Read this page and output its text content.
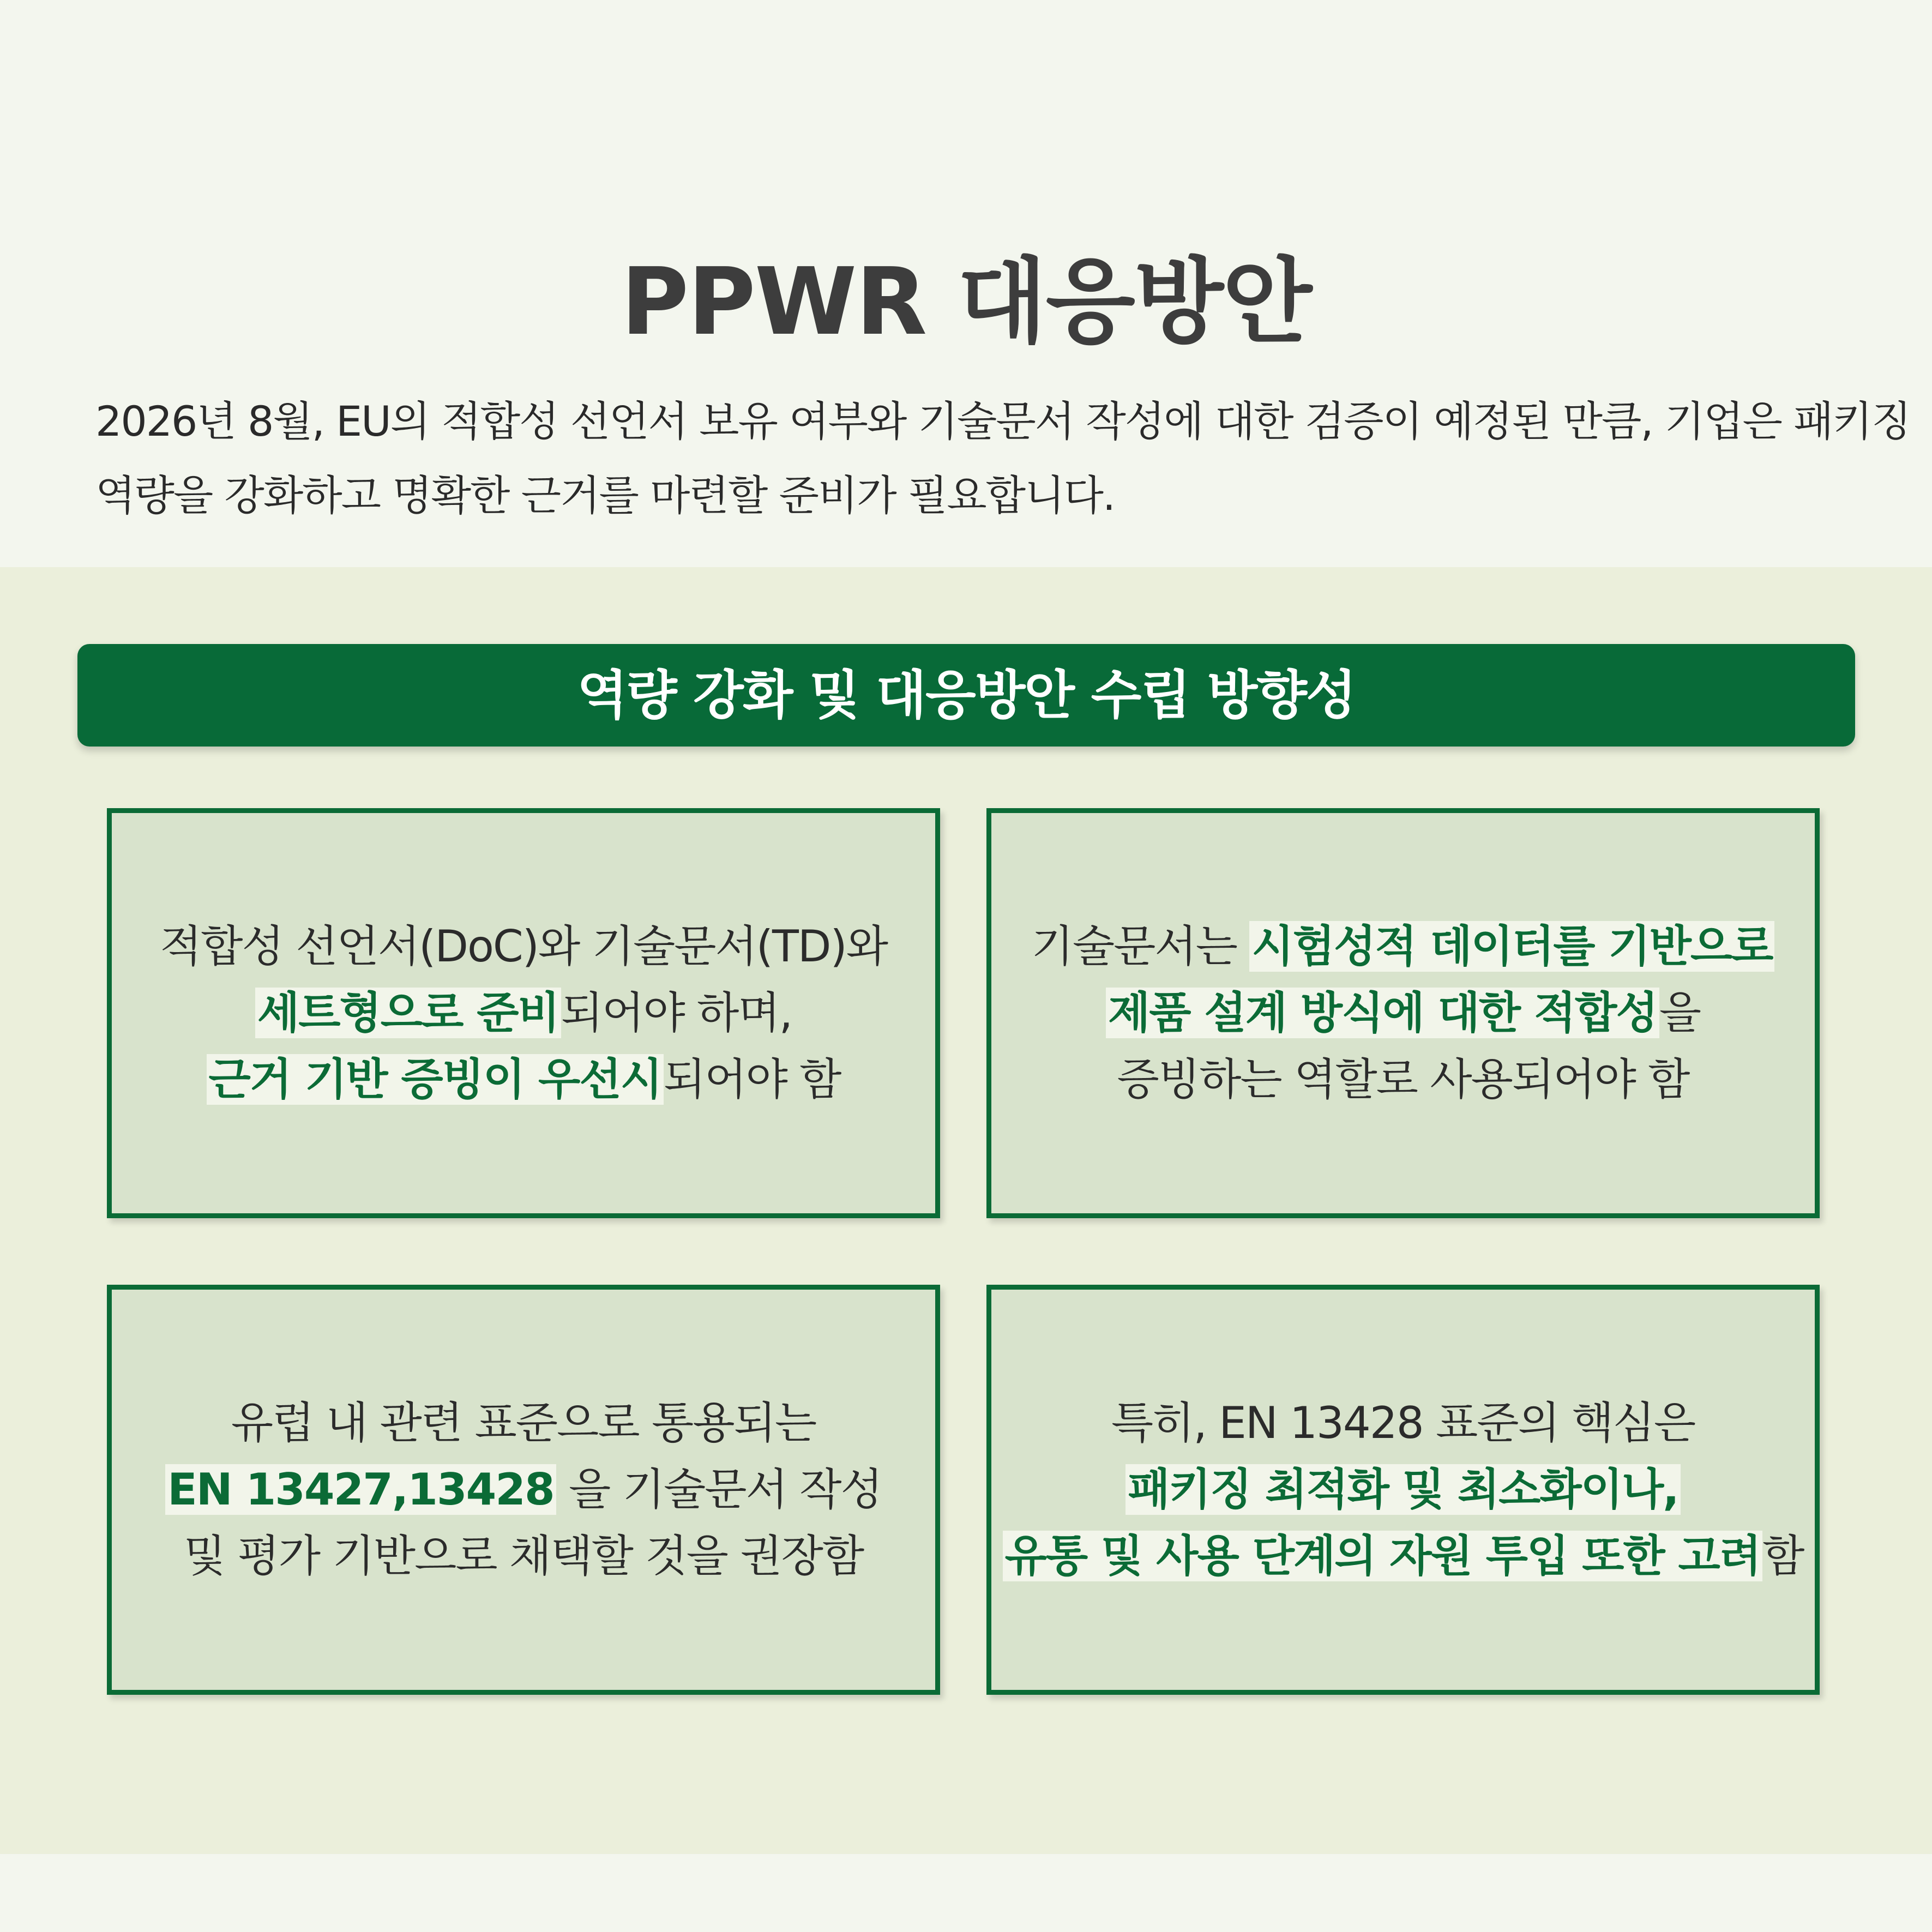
PPWR 대응방안
2026년 8월, EU의 적합성 선언서 보유 여부와 기술문서 작성에 대한 검증이 예정된 만큼, 기업은 패키징
역량을 강화하고 명확한 근거를 마련할 준비가 필요합니다.
역량 강화 및 대응방안 수립 방향성
적합성 선언서(DoC)와 기술문서(TD)와
세트형으로 준비되어야 하며,
근거 기반 증빙이 우선시되어야 함
기술문서는 시험성적 데이터를 기반으로
제품 설계 방식에 대한 적합성을
증빙하는 역할로 사용되어야 함
유럽 내 관련 표준으로 통용되는
EN 13427,13428 을 기술문서 작성
및 평가 기반으로 채택할 것을 권장함
특히, EN 13428 표준의 핵심은
패키징 최적화 및 최소화이나,
유통 및 사용 단계의 자원 투입 또한 고려함
